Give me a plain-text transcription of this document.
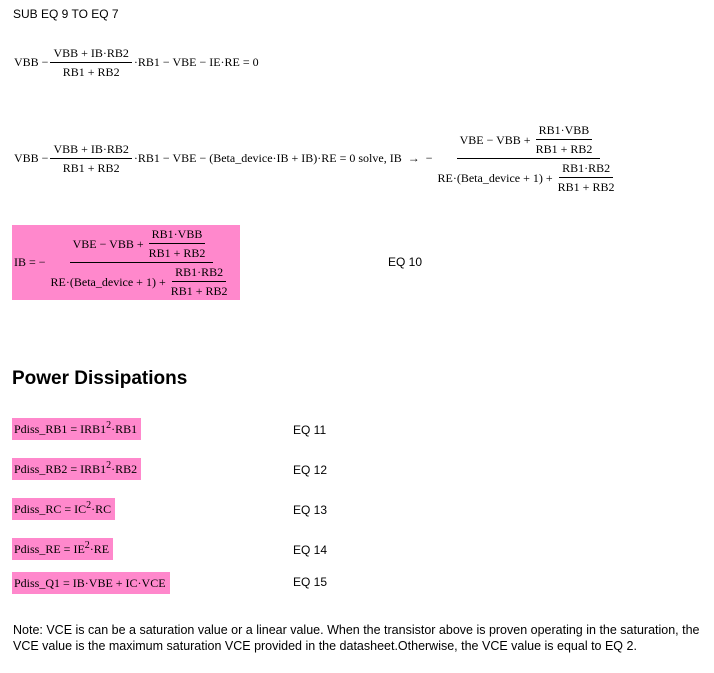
SUB EQ 9 TO EQ 7
VBB − $\frac{\text{VBB + IB·RB2}}{RB1 + RB2} \cdot RB1$ − VBE − IE·RE = 0
VBB − $\frac{\text{VBB + IB·RB2}}{RB1 + RB2} \cdot RB1$ − VBE − (Beta_device·IB + IB)·RE = 0 solve, IB → −
VBE − VBB + $\frac{\text{RB1·VBB}}{RB1 + RB2}$
RE·(Beta_device + $1) + \frac{RB1\cdot RB2}{RB1 + RB2}$
IB = −
VBE − VBB + $\frac{\text{RB1·VBB}}{RB1 + RB2}$
RE·(Beta_device + $1) + \frac{RB1\cdot RB2}{RB1 + RB2}$
EQ 10
Power Dissipations
Pdiss_RB1 = $IRB1^2 \cdot RB1$	EQ 11
Pdiss_RB2 = $IRB1^2 \cdot RB2$	EQ 12
Pdiss_RC = $IC^2 \cdot RC$	EQ 13
Pdiss_RE = $IE^2 \cdot RE$	EQ 14
Pdiss_Q1 = IB·VBE + IC·VCE	EQ 15
Note: VCE is can be a saturation value or a linear value. When the transistor above is proven operating in the saturation, the VCE value is the maximum saturation VCE provided in the datasheet.Otherwise, the VCE value is equal to EQ 2.
